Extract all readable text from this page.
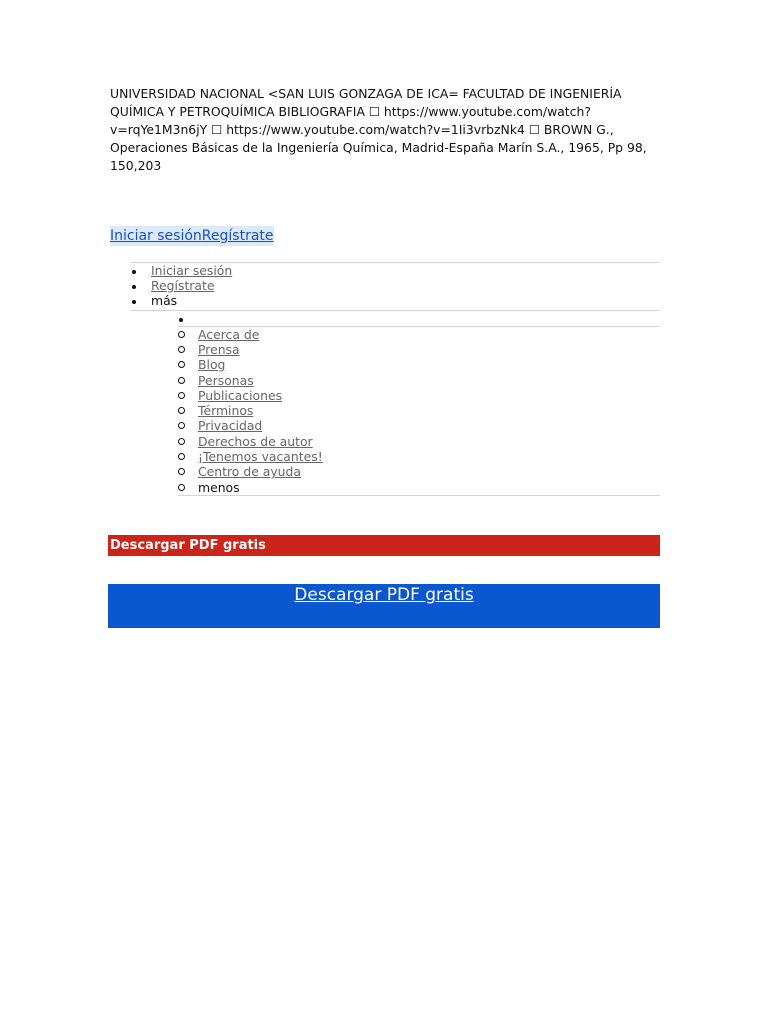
UNIVERSIDAD NACIONAL <SAN LUIS GONZAGA DE ICA= FACULTAD DE INGENIERÍA QUÍMICA Y PETROQUÍMICA BIBLIOGRAFIA ☐ https://www.youtube.com/watch?v=rqYe1M3n6jY ☐ https://www.youtube.com/watch?v=1Ii3vrbzNk4 ☐ BROWN G., Operaciones Básicas de la Ingeniería Química, Madrid-España Marín S.A., 1965, Pp 98, 150,203
Iniciar sesiónRegístrate
Iniciar sesión
Regístrate
más
Acerca de
Prensa
Blog
Personas
Publicaciones
Términos
Privacidad
Derechos de autor
¡Tenemos vacantes!
Centro de ayuda
menos
Descargar PDF gratis
Descargar PDF gratis
